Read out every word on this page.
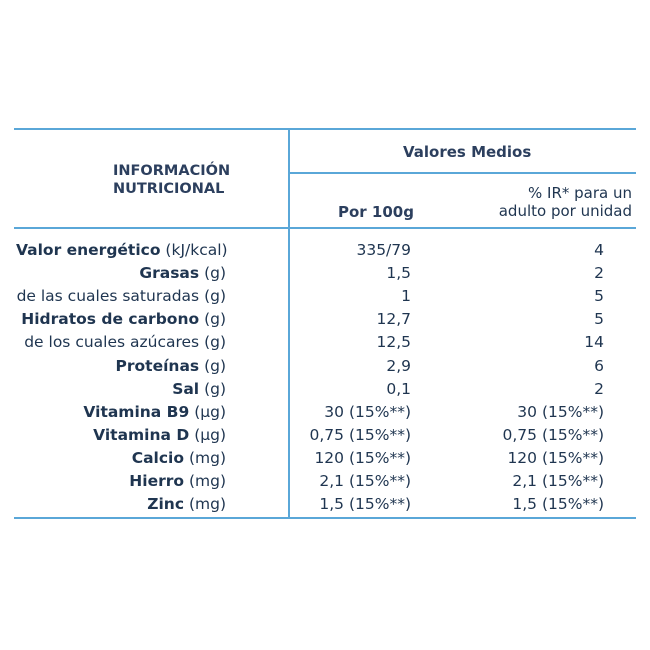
INFORMACIÓN
NUTRICIONAL
Valores Medios
Por 100g
% IR* para un
adulto por unidad
Valor energético (kJ/kcal)	335/79	4
Grasas (g)	1,5	2
de las cuales saturadas (g)	1	5
Hidratos de carbono (g)	12,7	5
de los cuales azúcares (g)	12,5	14
Proteínas (g)	2,9	6
Sal (g)	0,1	2
Vitamina B9 (µg)	30 (15%**)	30 (15%**)
Vitamina D (µg)	0,75 (15%**)	0,75 (15%**)
Calcio (mg)	120 (15%**)	120 (15%**)
Hierro (mg)	2,1 (15%**)	2,1 (15%**)
Zinc (mg)	1,5 (15%**)	1,5 (15%**)
